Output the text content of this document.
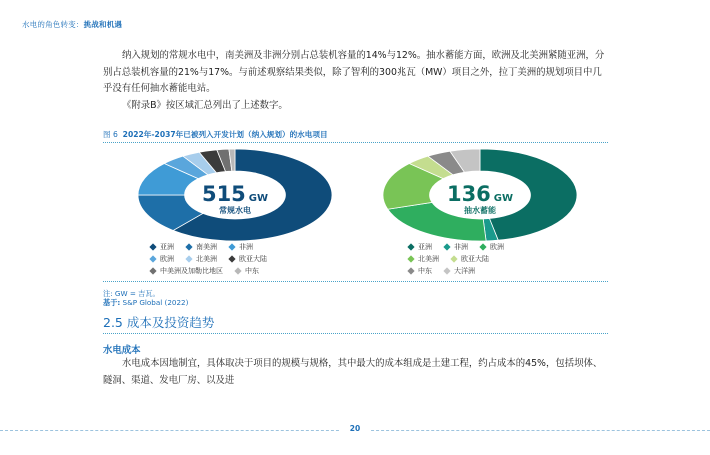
水电的角色转变：挑战和机遇

纳入规划的常规水电中，南美洲及非洲分别占总装机容量的14%与12%。抽水蓄能方面，欧洲及北美洲紧随亚洲，分别占总装机容量的21%与17%。与前述观察结果类似，除了智利的300兆瓦（MW）项目之外，拉丁美洲的规划项目中几乎没有任何抽水蓄能电站。

《附录B》按区域汇总列出了上述数字。

图 6 2022年-2037年已被列入开发计划（纳入规划）的水电项目
515 GW
常规水电
136 GW
抽水蓄能
亚洲	南美洲	非洲
欧洲	北美洲	欧亚大陆
中美洲及加勒比地区	中东
亚洲	非洲	欧洲
北美洲	欧亚大陆
中东	大洋洲
注: GW = 吉瓦。
基于: S&P Global (2022)
2.5 成本及投资趋势
水电成本

水电成本因地制宜，具体取决于项目的规模与规格，其中最大的成本组成是土建工程，约占成本的45%，包括坝体、隧洞、渠道、发电厂房、以及进

20
